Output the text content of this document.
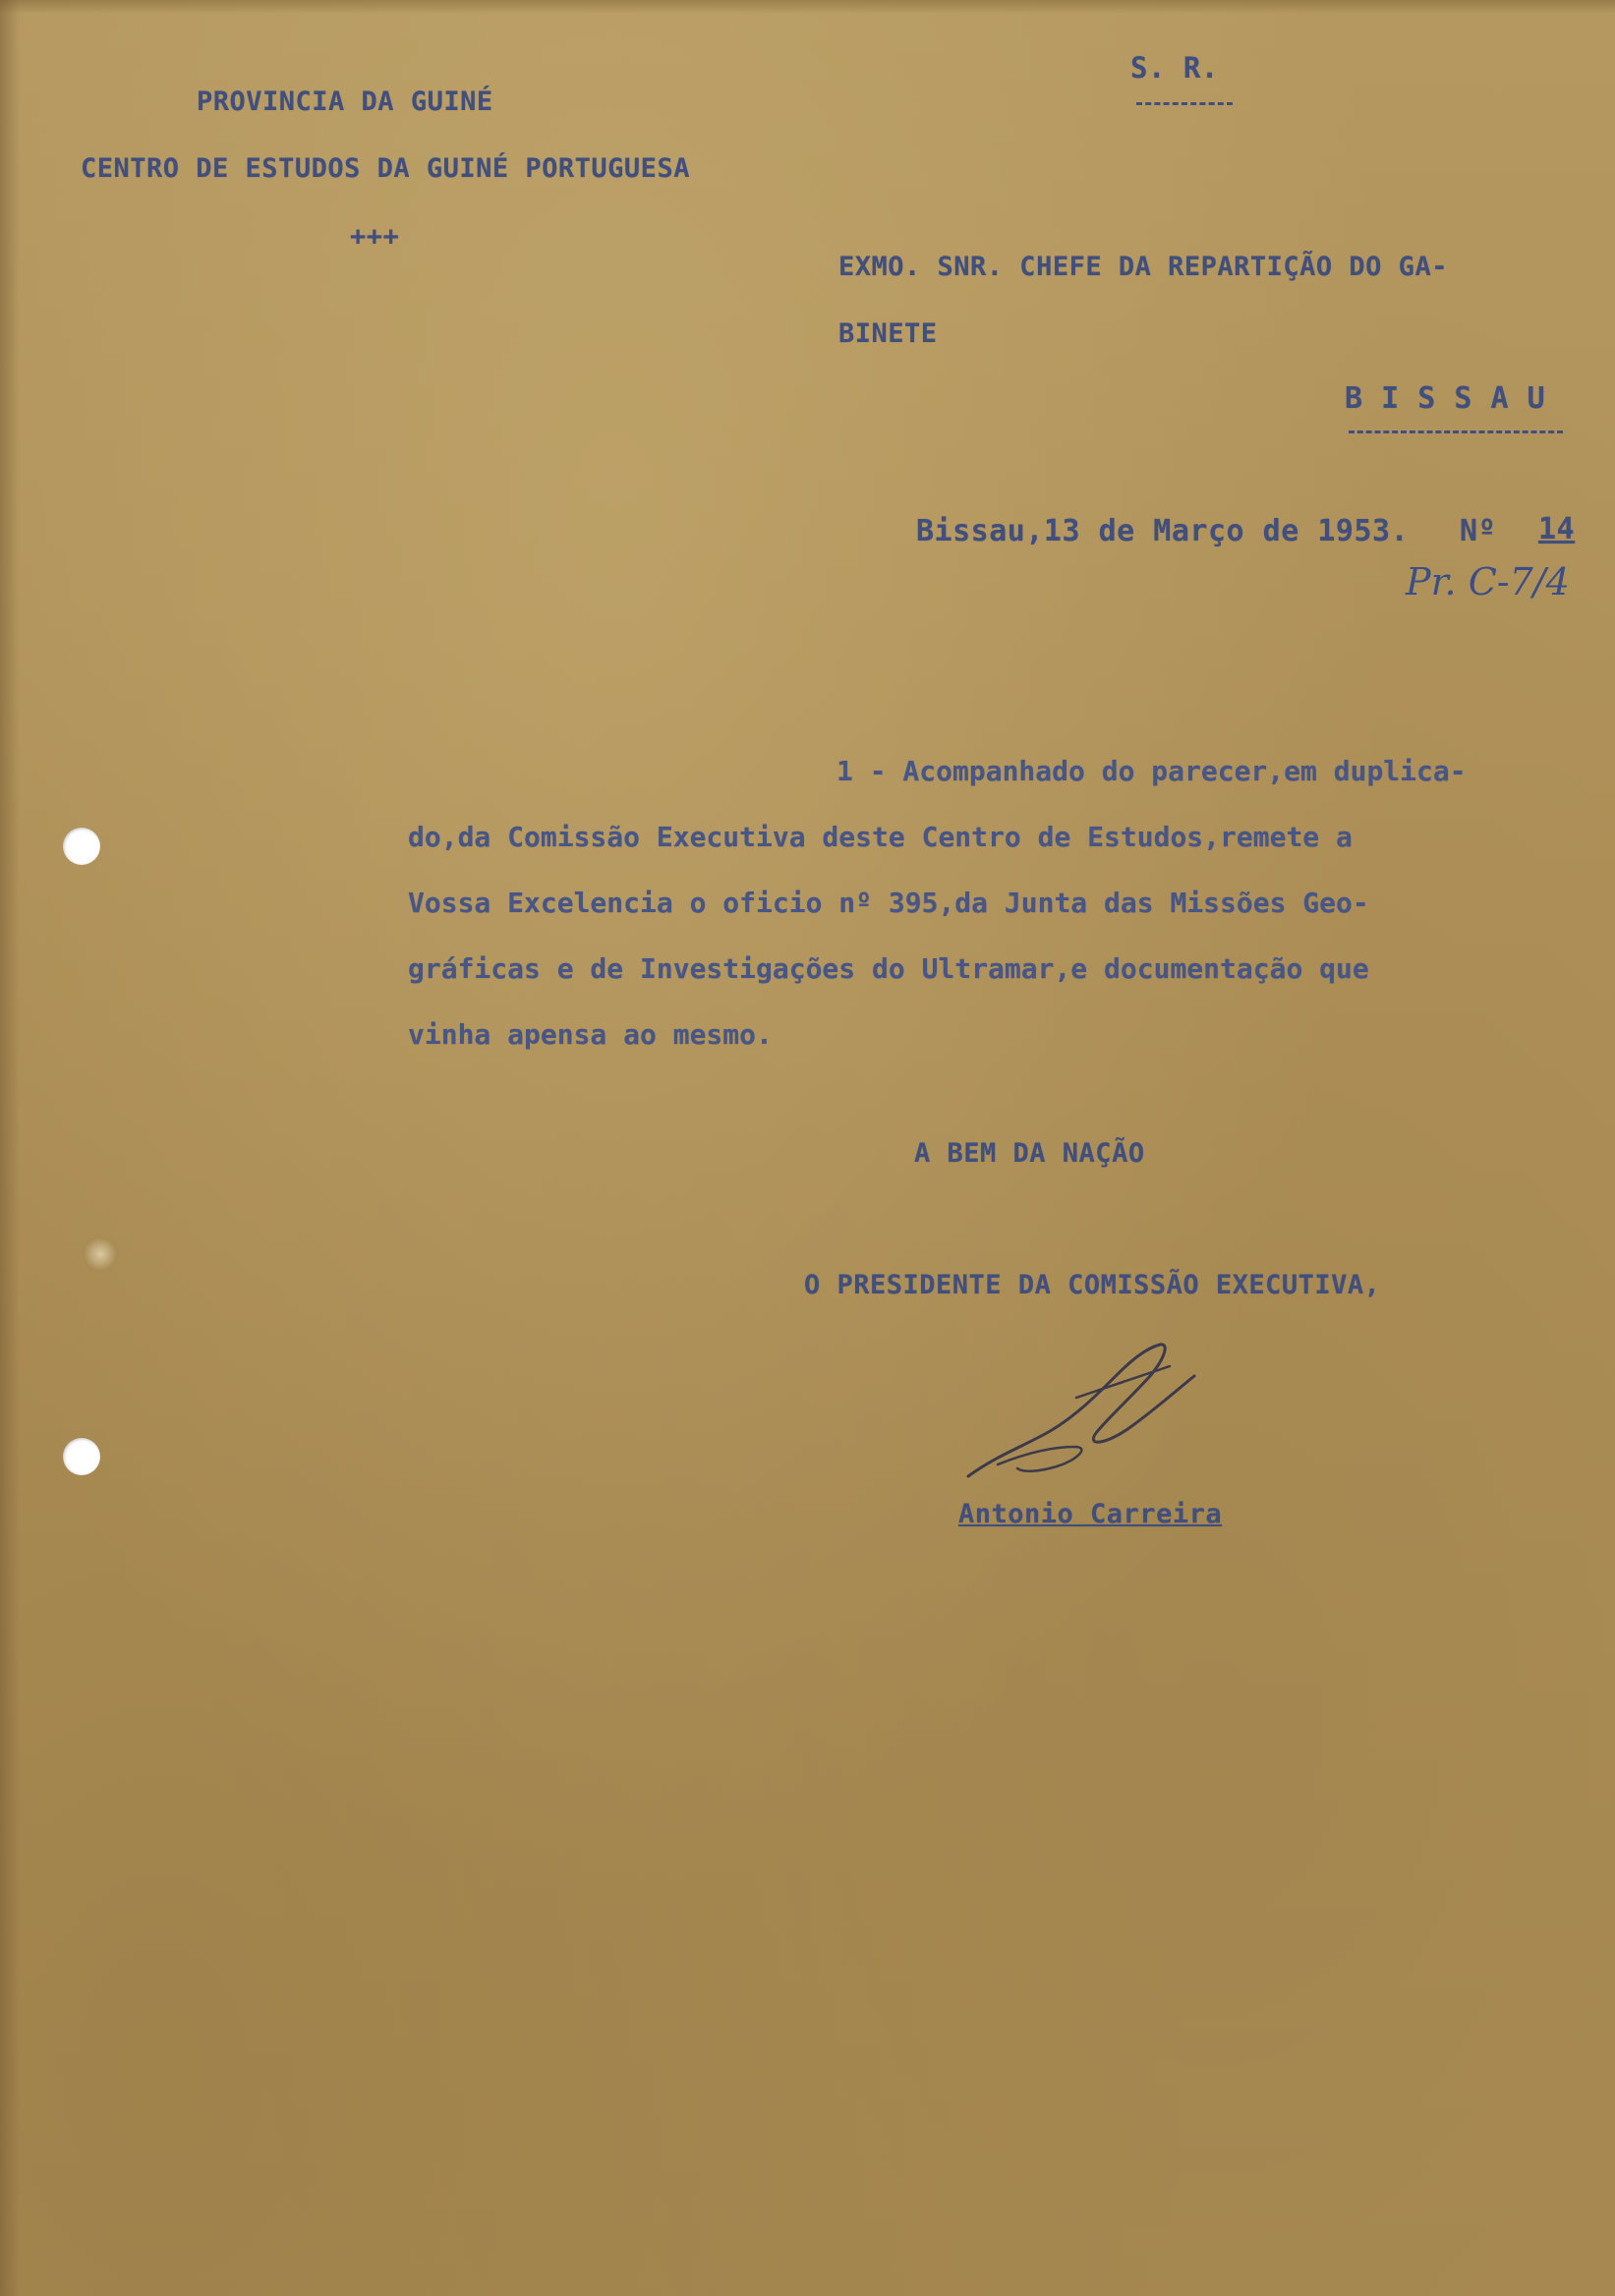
PROVINCIA DA GUINÉ
CENTRO DE ESTUDOS DA GUINÉ PORTUGUESA
+++
S. R.
EXMO. SNR. CHEFE DA REPARTIÇÃO DO GA-
BINETE
B I S S A U
Bissau,13 de Março de 1953. Nº 14
Pr. C-7/4
1 - Acompanhado do parecer,em duplica-
do,da Comissão Executiva deste Centro de Estudos,remete a
Vossa Excelencia o oficio nº 395,da Junta das Missões Geo-
gráficas e de Investigações do Ultramar,e documentação que
vinha apensa ao mesmo.
A BEM DA NAÇÃO
O PRESIDENTE DA COMISSÃO EXECUTIVA,
Antonio Carreira
